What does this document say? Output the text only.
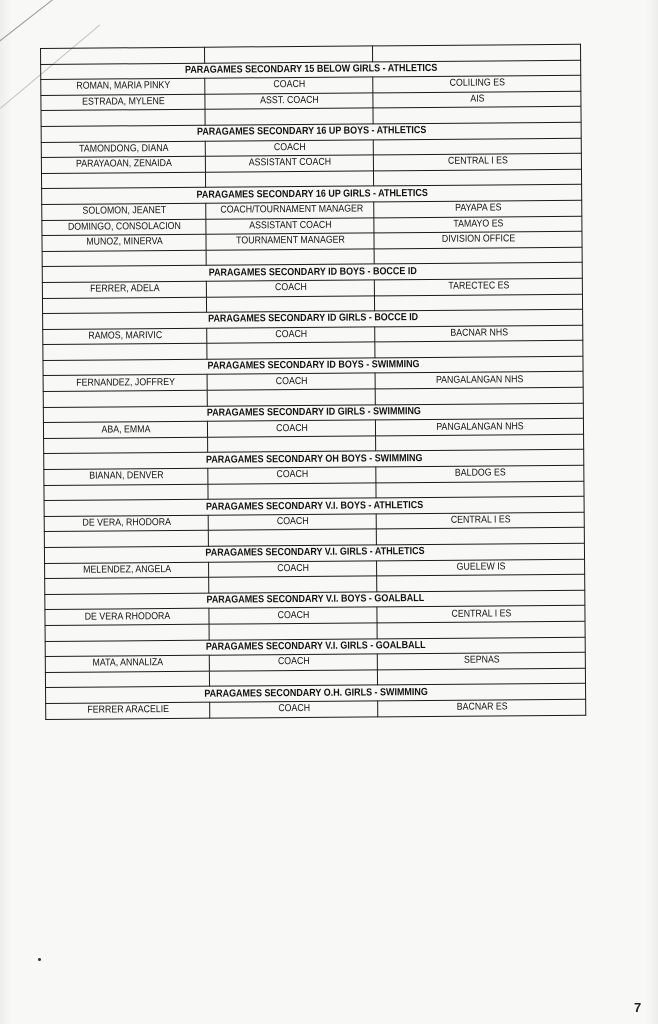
PARAGAMES SECONDARY 15 BELOW GIRLS - ATHLETICS		
ROMAN, MARIA PINKY	COACH	COLILING ES
ESTRADA, MYLENE	ASST. COACH	AIS

PARAGAMES SECONDARY 16 UP BOYS - ATHLETICS		
TAMONDONG, DIANA	COACH	
PARAYAOAN, ZENAIDA	ASSISTANT COACH	CENTRAL I ES

PARAGAMES SECONDARY 16 UP GIRLS - ATHLETICS		
SOLOMON, JEANET	COACH/TOURNAMENT MANAGER	PAYAPA ES
DOMINGO, CONSOLACION	ASSISTANT COACH	TAMAYO ES
MUNOZ, MINERVA	TOURNAMENT MANAGER	DIVISION OFFICE

PARAGAMES SECONDARY ID BOYS - BOCCE ID		
FERRER, ADELA	COACH	TARECTEC ES

PARAGAMES SECONDARY ID GIRLS - BOCCE ID		
RAMOS, MARIVIC	COACH	BACNAR NHS

PARAGAMES SECONDARY ID BOYS - SWIMMING		
FERNANDEZ, JOFFREY	COACH	PANGALANGAN NHS

PARAGAMES SECONDARY ID GIRLS - SWIMMING		
ABA, EMMA	COACH	PANGALANGAN NHS

PARAGAMES SECONDARY OH BOYS - SWIMMING		
BIANAN, DENVER	COACH	BALDOG ES

PARAGAMES SECONDARY V.I. BOYS - ATHLETICS		
DE VERA, RHODORA	COACH	CENTRAL I ES

PARAGAMES SECONDARY V.I. GIRLS - ATHLETICS		
MELENDEZ, ANGELA	COACH	GUELEW IS

PARAGAMES SECONDARY V.I. BOYS - GOALBALL		
DE VERA RHODORA	COACH	CENTRAL I ES

PARAGAMES SECONDARY V.I. GIRLS - GOALBALL		
MATA, ANNALIZA	COACH	SEPNAS

PARAGAMES SECONDARY O.H. GIRLS - SWIMMING		
FERRER ARACELIE	COACH	BACNAR ES
7
